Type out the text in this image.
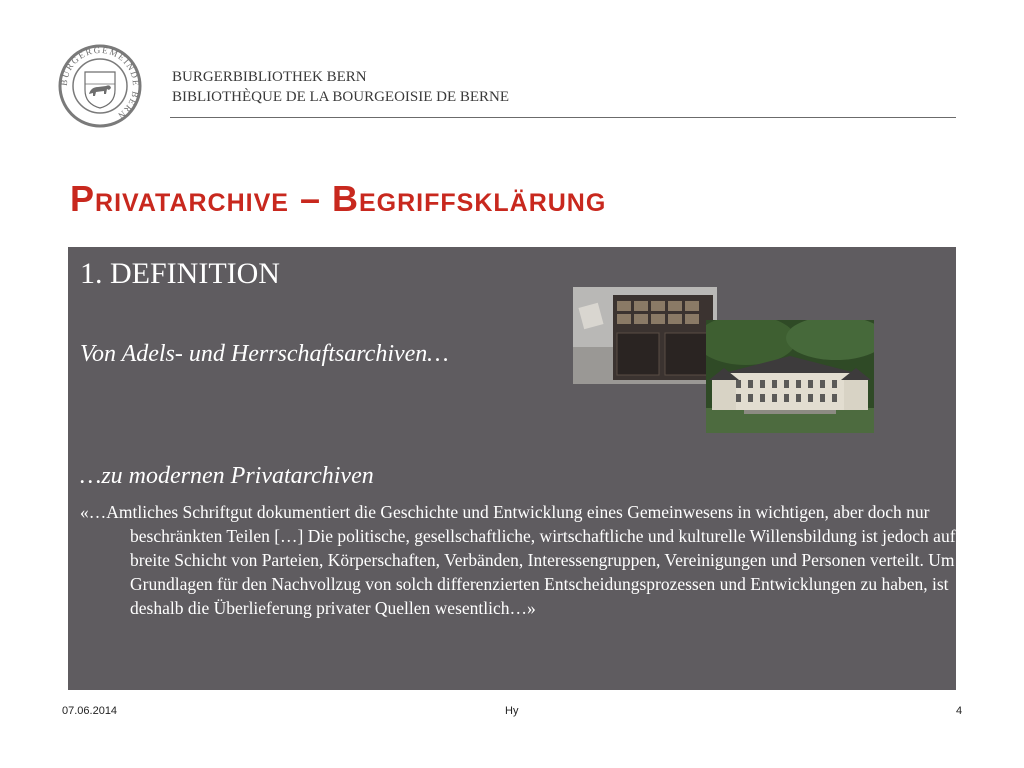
BURGERGEMEINDE BERN
BURGERBIBLIOTHEK BERN
BIBLIOTHÈQUE DE LA BOURGEOISIE DE BERNE
Privatarchive – Begriffsklärung
1. DEFINITION
Von Adels- und Herrschaftsarchiven…
…zu modernen Privatarchiven
«…Amtliches Schriftgut dokumentiert die Geschichte und Entwicklung eines Gemeinwesens in wichtigen, aber doch nur beschränkten Teilen […] Die politische, gesellschaftliche, wirtschaftliche und kulturelle Willensbildung ist jedoch auf eine breite Schicht von Parteien, Körperschaften, Verbänden, Interessengruppen, Vereinigungen und Personen verteilt. Um Grundlagen für den Nachvollzug von solch differenzierten Entscheidungsprozessen und Entwicklungen zu haben, ist deshalb die Überlieferung privater Quellen wesentlich…»
07.06.2014	Hy	4
